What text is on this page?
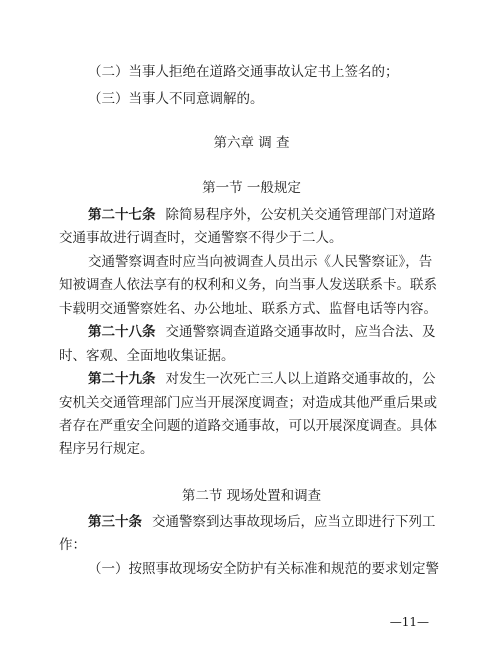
（二）当事人拒绝在道路交通事故认定书上签名的；
（三）当事人不同意调解的。
第六章 调 查
第一节 一般规定
第二十七条 除简易程序外，公安机关交通管理部门对道路
交通事故进行调查时，交通警察不得少于二人。
交通警察调查时应当向被调查人员出示《人民警察证》，告
知被调查人依法享有的权利和义务，向当事人发送联系卡。联系
卡载明交通警察姓名、办公地址、联系方式、监督电话等内容。
第二十八条 交通警察调查道路交通事故时，应当合法、及
时、客观、全面地收集证据。
第二十九条 对发生一次死亡三人以上道路交通事故的，公
安机关交通管理部门应当开展深度调查；对造成其他严重后果或
者存在严重安全问题的道路交通事故，可以开展深度调查。具体
程序另行规定。
第二节 现场处置和调查
第三十条 交通警察到达事故现场后，应当立即进行下列工
作：
（一）按照事故现场安全防护有关标准和规范的要求划定警
—11—
